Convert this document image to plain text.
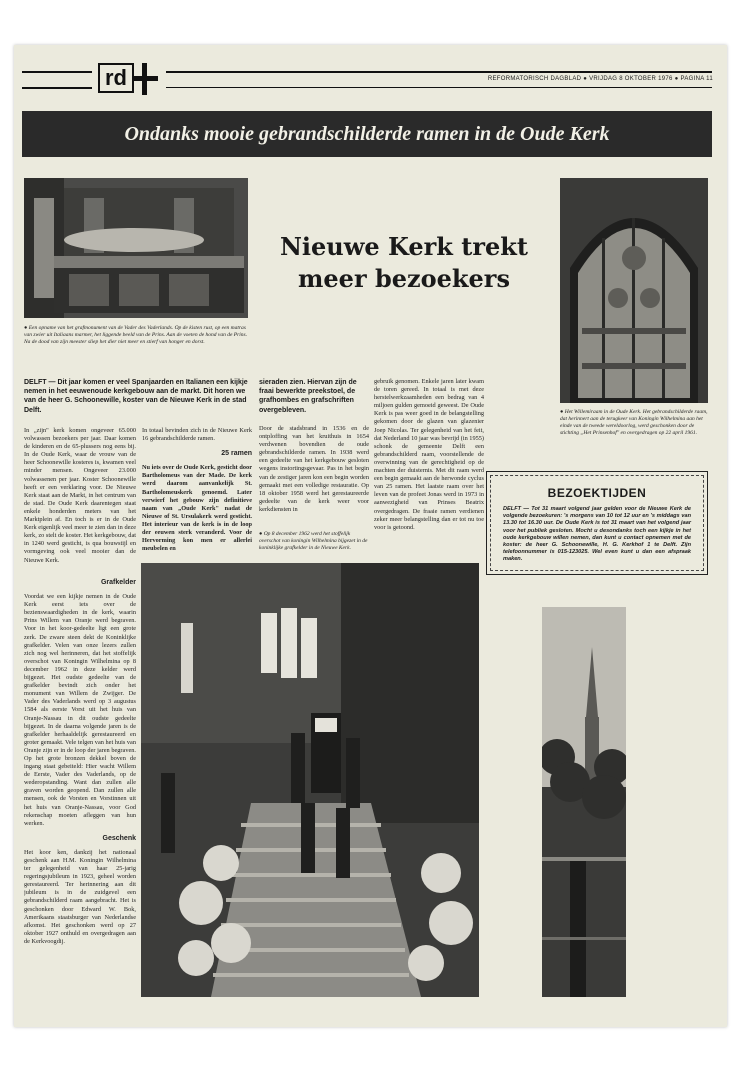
rd	REFORMATORISCH DAGBLAD ● VRIJDAG 8 OKTOBER 1976 ● PAGINA 11
Ondanks mooie gebrandschilderde ramen in de Oude Kerk
● Een opname van het grafmonument van de Vader des Vaderlands. Op de kisten rust, op een matras van zwier uit Italiaans marmer, het liggende beeld van de Prins. Aan de voeten de hond van de Prins. Na de dood van zijn meester sliep het dier niet meer en stierf van honger en dorst.
Nieuwe Kerk trekt
meer bezoekers
● Het Willemiraam in de Oude Kerk. Het gebrandschilderde raam, dat herinnert aan de terugkeer van Koningin Wilhelmina aan het einde van de tweede wereldoorlog, werd geschonken door de stichting „Het Prinsenhof" en overgedragen op 22 april 1961.
DELFT — Dit jaar komen er veel Spanjaarden en Italianen een kijkje nemen in het eeuwenoude kerkgebouw aan de markt. Dit horen we van de heer G. Schoonewille, koster van de Nieuwe Kerk in de stad Delft.
sieraden zien. Hiervan zijn de fraai bewerkte preekstoel, de grafhombes en grafschriften overgebleven.

In „zijn" kerk komen ongeveer 65.000 volwassen bezoekers per jaar. Daar komen de kinderen en de 65-plussers nog eens bij. In de Oude Kerk, waar de vrouw van de heer Schoonewille kosteres is, kwamen veel minder mensen. Ongeveer 23.000 volwassenen per jaar. Koster Schoonewille heeft er een verklaring voor. De Nieuwe Kerk staat aan de Markt, in het centrum van de stad. De Oude Kerk daarentegen staat enkele honderden meters van het Marktplein af. En toch is er in de Oude Kerk eigenlijk veel meer te zien dan in deze kerk, zo stelt de koster. Het kerkgebouw, dat in 1240 werd gesticht, is qua bouwstijl en vormgeving ook veel mooier dan de Nieuwe Kerk.

In totaal bevinden zich in de Nieuwe Kerk 16 gebrandschilderde ramen.

25 ramen

Nu iets over de Oude Kerk, gesticht door Bartholomeus van der Made. De kerk werd daarom aanvankelijk St. Bartholomeuskerk genoemd. Later verwierf het gebouw zijn definitieve naam van „Oude Kerk" nadat de Nieuwe of St. Ursulakerk werd gesticht. Het interieur van de kerk is in de loop der eeuwen sterk veranderd. Voor de Hervorming kon men er allerlei meubelen en

Door de stadsbrand in 1536 en de ontploffing van het kruithuis in 1654 verdwenen bovendien de oude gebrandschilderde ramen. In 1938 werd een gedeelte van het kerkgebouw gesloten wegens instortingsgevaar. Pas in het begin van de zestiger jaren kon een begin worden gemaakt met een volledige restauratie. Op 18 oktober 1958 werd het gerestaureerde gedeelte van de kerk weer voor kerkdiensten in

● Op 8 december 1962 werd het stoffelijk overschot van koningin Wilhelmina bijgezet in de koninklijke grafkelder in de Nieuwe Kerk.

gebruik genomen. Enkele jaren later kwam de toren gereed. In totaal is met deze herstelwerkzaamheden een bedrag van 4 miljoen gulden gemoeid geweest. De Oude Kerk is pas weer goed in de belangstelling gekomen door de glazen van glazenier Joep Nicolas. Ter gelegenheid van het feit, dat Nederland 10 jaar was bevrijd (in 1955) schonk de gemeente Delft een gebrandschilderd raam, voorstellende de overwinning van de gerechtigheid op de machten der duisternis. Met dit raam werd een begin gemaakt aan de herwonde cyclus van 25 ramen. Het laatste raam over het leven van de profeet Jonas werd in 1973 in aanwezigheid van Prinses Beatrix overgedragen. De fraaie ramen verdienen zeker meer belangstelling dan er tot nu toe voor is getoond.

BEZOEKTIJDEN
DELFT — Tot 31 maart volgend jaar gelden voor de Nieuwe Kerk de volgende bezoekuren: 's morgens van 10 tot 12 uur en 's middags van 13.30 tot 16.30 uur. De Oude Kerk is tot 31 maart van het volgend jaar voor het publiek gesloten. Mocht u desondanks toch een kijkje in het oude kerkgebouw willen nemen, dan kunt u contact opnemen met de koster: de heer G. Schoonewille, H. G. Kerkhof 1 te Delft. Zijn telefoonnummer is 015-123025. Wel even kunt u dan een afspraak maken.
Grafkelder

Voordat we een kijkje nemen in de Oude Kerk eerst iets over de bezienswaardigheden in de kerk, waarin Prins Willem van Oranje werd begraven. Voor in het koor-gedeelte ligt een grote zerk. De zware steen dekt de Koninklijke grafkelder. Velen van onze lezers zullen zich nog wel herinneren, dat het stoffelijk overschot van Koningin Wilhelmina op 8 december 1962 in deze kelder werd bijgezet. Het oudste gedeelte van de grafkelder bevindt zich onder het monument van Willem de Zwijger. De Vader des Vaderlands werd op 3 augustus 1584 als eerste Vorst uit het huis van Oranje-Nassau in dit oudste gedeelte bijgezet. In de daarna volgende jaren is de grafkelder herhaaldelijk gerestaureerd en groter gemaakt. Vele telgen van het huis van Oranje zijn er in de loop der jaren begraven. Op het grote bronzen dekkel boven de ingang staat gebeiteld: Hier wacht Willem de Eerste, Vader des Vaderlands, op de wederopstanding. Want dan zullen alle graven worden geopend. Dan zullen alle mensen, ook de Vorsten en Vorstinnen uit het huis van Oranje-Nassau, voor God rekenschap moeten afleggen van hun werken.

Geschenk

Het koor ken, dankzij het nationaal geschenk aan H.M. Koningin Wilhelmina ter gelegenheid van haar 25-jarig regeringsjubileum in 1923, geheel worden gerestaureerd. Ter herinnering aan dit jubileum is in de zuidgevel een gebrandschilderd raam aangebracht. Het is geschonken door Edward W. Bok, Amerikaans staatsburger van Nederlandse afkomst. Het geschonken werd op 27 oktober 1927 onthuld en overgedragen aan de Kerkvoogdij.
